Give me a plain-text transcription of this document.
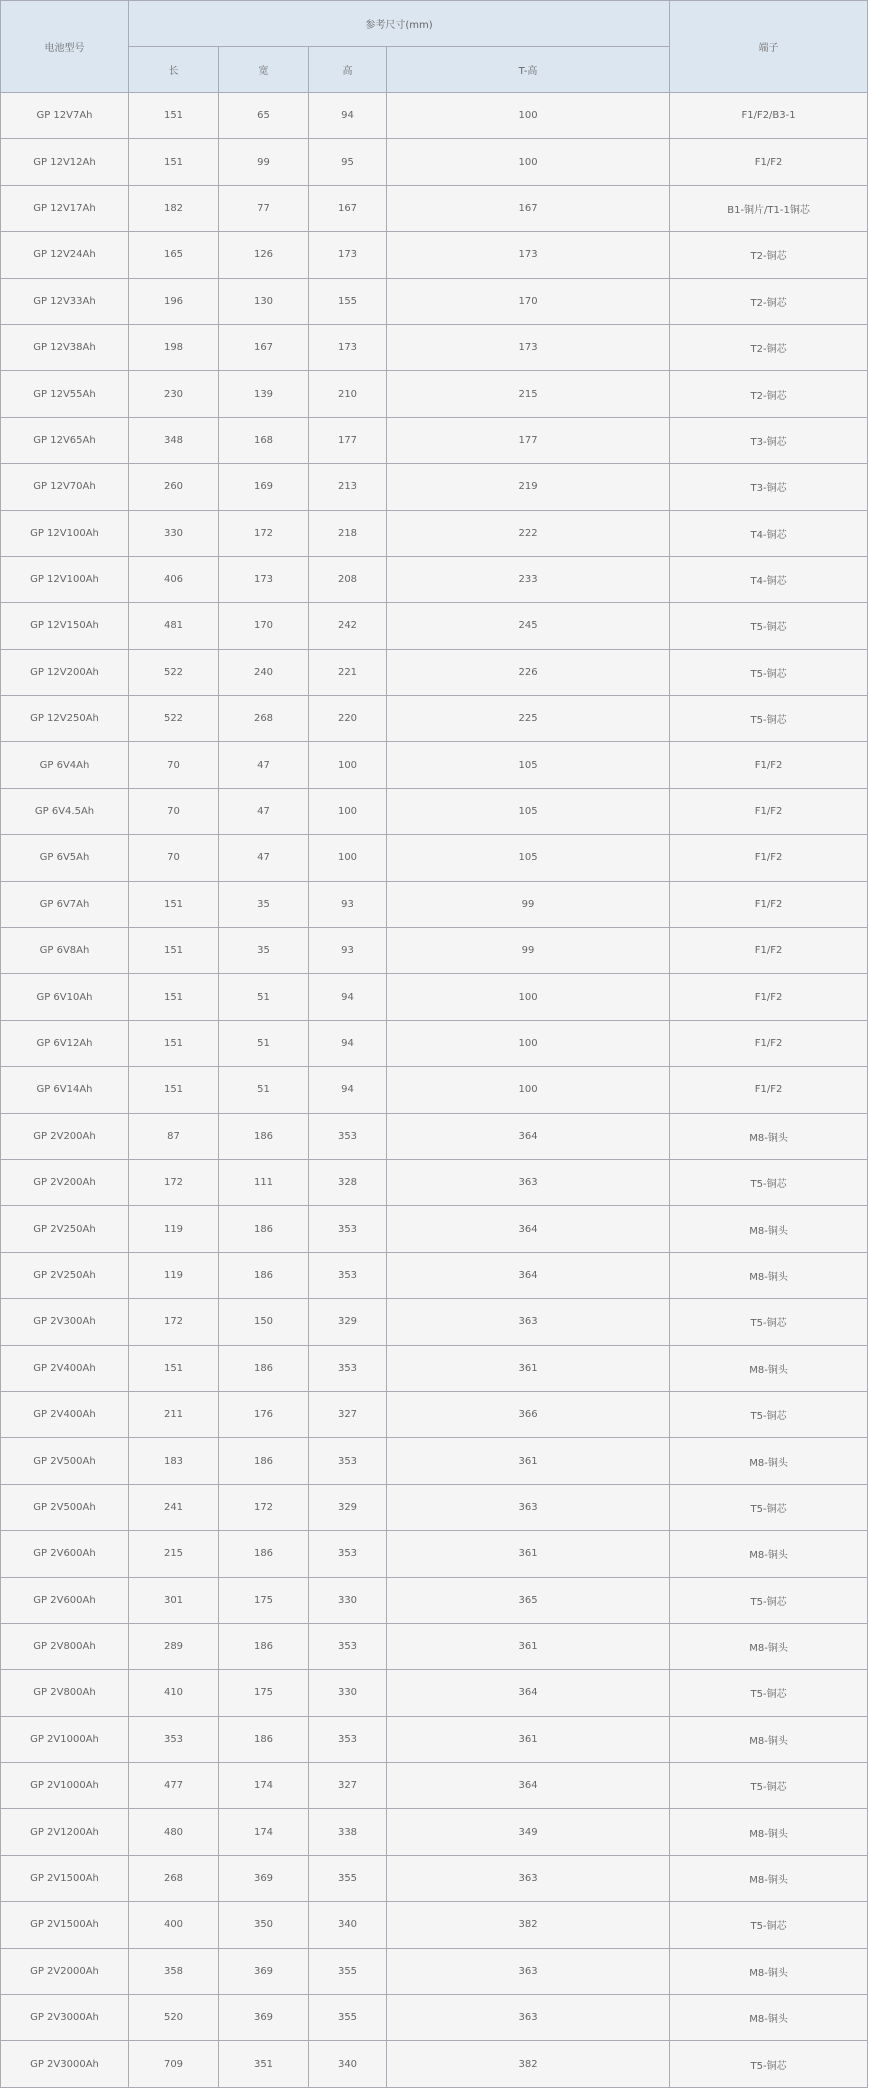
电池型号	参考尺寸(mm)				端子
	长	宽	高	T-高	
GP 12V7Ah	151	65	94	100	F1/F2/B3-1
GP 12V12Ah	151	99	95	100	F1/F2
GP 12V17Ah	182	77	167	167	B1-铜片/T1-1铜芯
GP 12V24Ah	165	126	173	173	T2-铜芯
GP 12V33Ah	196	130	155	170	T2-铜芯
GP 12V38Ah	198	167	173	173	T2-铜芯
GP 12V55Ah	230	139	210	215	T2-铜芯
GP 12V65Ah	348	168	177	177	T3-铜芯
GP 12V70Ah	260	169	213	219	T3-铜芯
GP 12V100Ah	330	172	218	222	T4-铜芯
GP 12V100Ah	406	173	208	233	T4-铜芯
GP 12V150Ah	481	170	242	245	T5-铜芯
GP 12V200Ah	522	240	221	226	T5-铜芯
GP 12V250Ah	522	268	220	225	T5-铜芯
GP 6V4Ah	70	47	100	105	F1/F2
GP 6V4.5Ah	70	47	100	105	F1/F2
GP 6V5Ah	70	47	100	105	F1/F2
GP 6V7Ah	151	35	93	99	F1/F2
GP 6V8Ah	151	35	93	99	F1/F2
GP 6V10Ah	151	51	94	100	F1/F2
GP 6V12Ah	151	51	94	100	F1/F2
GP 6V14Ah	151	51	94	100	F1/F2
GP 2V200Ah	87	186	353	364	M8-铜头
GP 2V200Ah	172	111	328	363	T5-铜芯
GP 2V250Ah	119	186	353	364	M8-铜头
GP 2V250Ah	119	186	353	364	M8-铜头
GP 2V300Ah	172	150	329	363	T5-铜芯
GP 2V400Ah	151	186	353	361	M8-铜头
GP 2V400Ah	211	176	327	366	T5-铜芯
GP 2V500Ah	183	186	353	361	M8-铜头
GP 2V500Ah	241	172	329	363	T5-铜芯
GP 2V600Ah	215	186	353	361	M8-铜头
GP 2V600Ah	301	175	330	365	T5-铜芯
GP 2V800Ah	289	186	353	361	M8-铜头
GP 2V800Ah	410	175	330	364	T5-铜芯
GP 2V1000Ah	353	186	353	361	M8-铜头
GP 2V1000Ah	477	174	327	364	T5-铜芯
GP 2V1200Ah	480	174	338	349	M8-铜头
GP 2V1500Ah	268	369	355	363	M8-铜头
GP 2V1500Ah	400	350	340	382	T5-铜芯
GP 2V2000Ah	358	369	355	363	M8-铜头
GP 2V3000Ah	520	369	355	363	M8-铜头
GP 2V3000Ah	709	351	340	382	T5-铜芯
